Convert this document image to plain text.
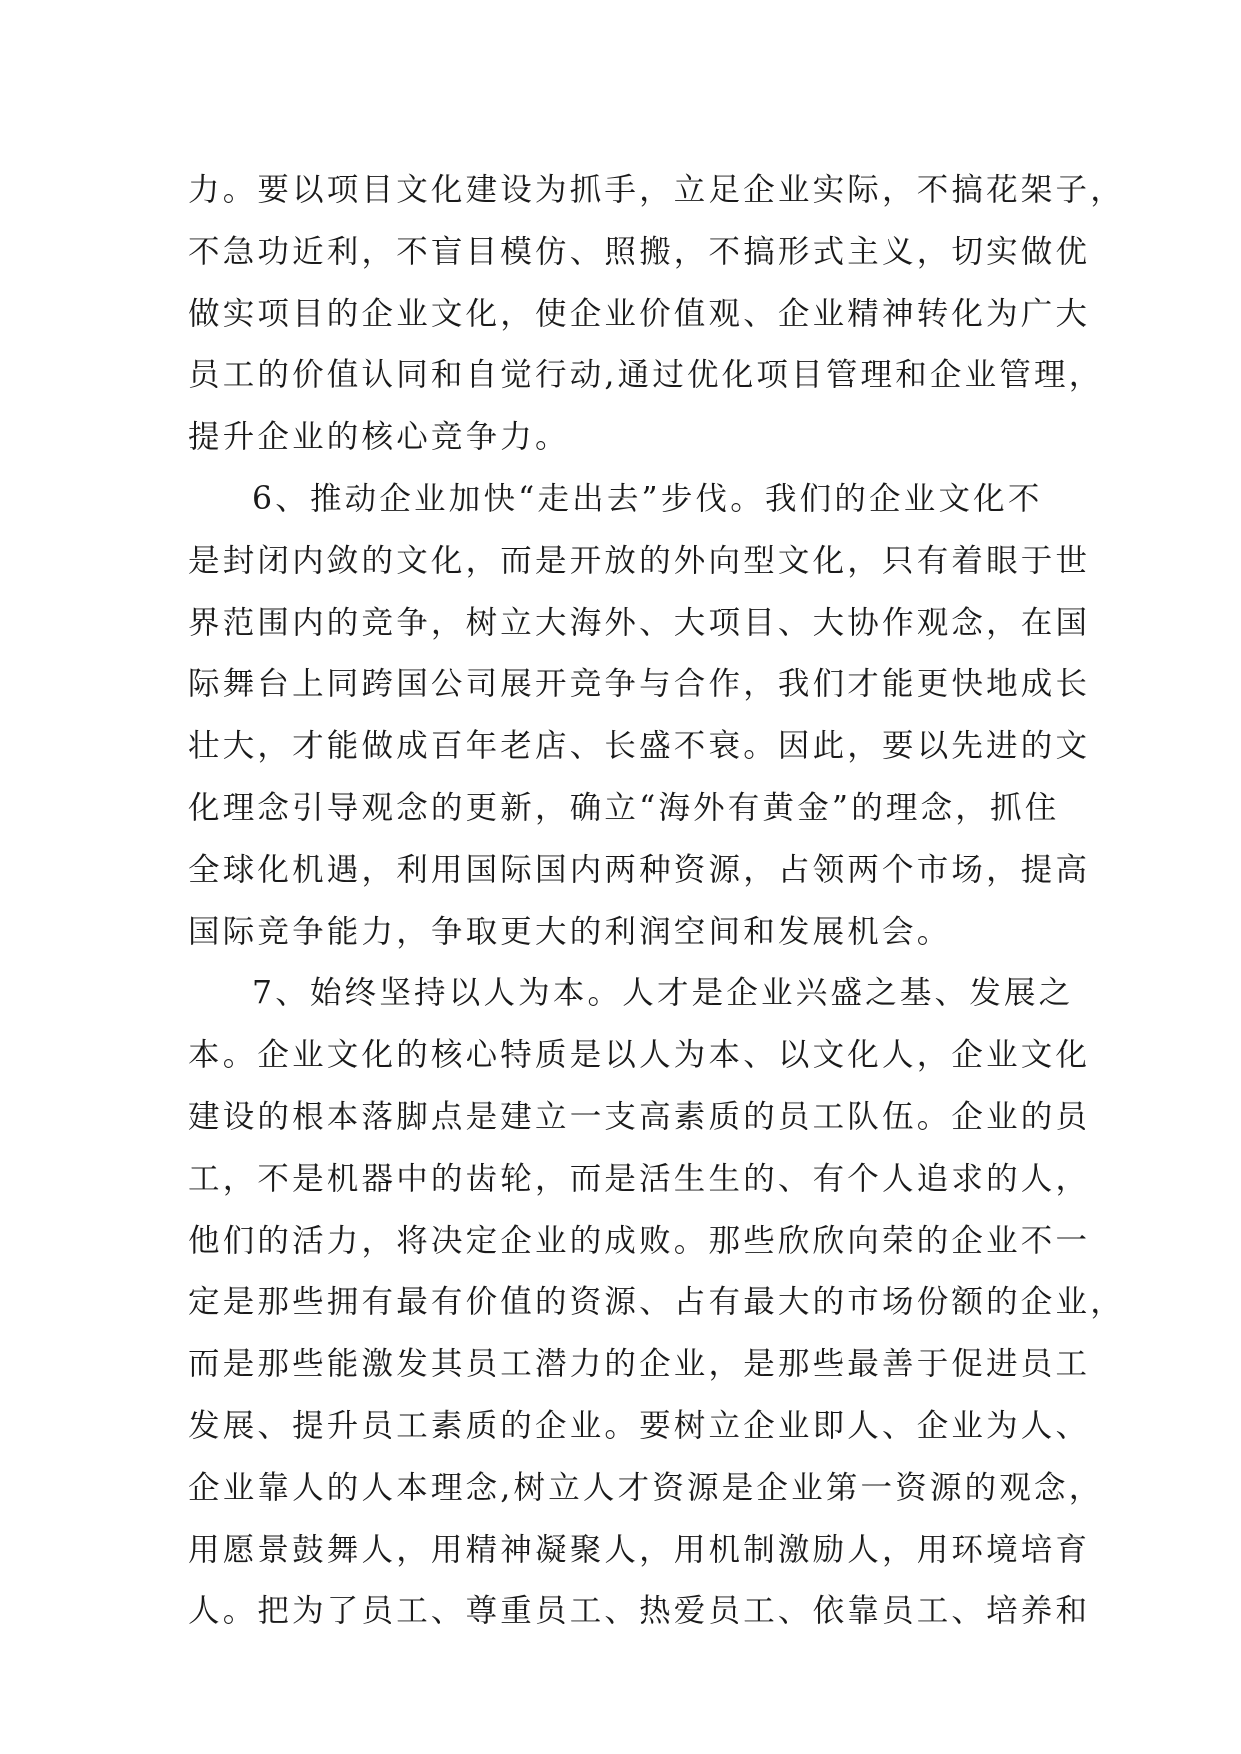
力。要以项目文化建设为抓手，立足企业实际，不搞花架子，
不急功近利，不盲目模仿、照搬，不搞形式主义，切实做优
做实项目的企业文化，使企业价值观、企业精神转化为广大
员工的价值认同和自觉行动,通过优化项目管理和企业管理，
提升企业的核心竞争力。
6、推动企业加快“走出去”步伐。我们的企业文化不
是封闭内敛的文化，而是开放的外向型文化，只有着眼于世
界范围内的竞争，树立大海外、大项目、大协作观念，在国
际舞台上同跨国公司展开竞争与合作，我们才能更快地成长
壮大，才能做成百年老店、长盛不衰。因此，要以先进的文
化理念引导观念的更新，确立“海外有黄金”的理念，抓住
全球化机遇，利用国际国内两种资源，占领两个市场，提高
国际竞争能力，争取更大的利润空间和发展机会。
7、始终坚持以人为本。人才是企业兴盛之基、发展之
本。企业文化的核心特质是以人为本、以文化人，企业文化
建设的根本落脚点是建立一支高素质的员工队伍。企业的员
工，不是机器中的齿轮，而是活生生的、有个人追求的人，
他们的活力，将决定企业的成败。那些欣欣向荣的企业不一
定是那些拥有最有价值的资源、占有最大的市场份额的企业，
而是那些能激发其员工潜力的企业，是那些最善于促进员工
发展、提升员工素质的企业。要树立企业即人、企业为人、
企业靠人的人本理念,树立人才资源是企业第一资源的观念，
用愿景鼓舞人，用精神凝聚人，用机制激励人，用环境培育
人。把为了员工、尊重员工、热爱员工、依靠员工、培养和
